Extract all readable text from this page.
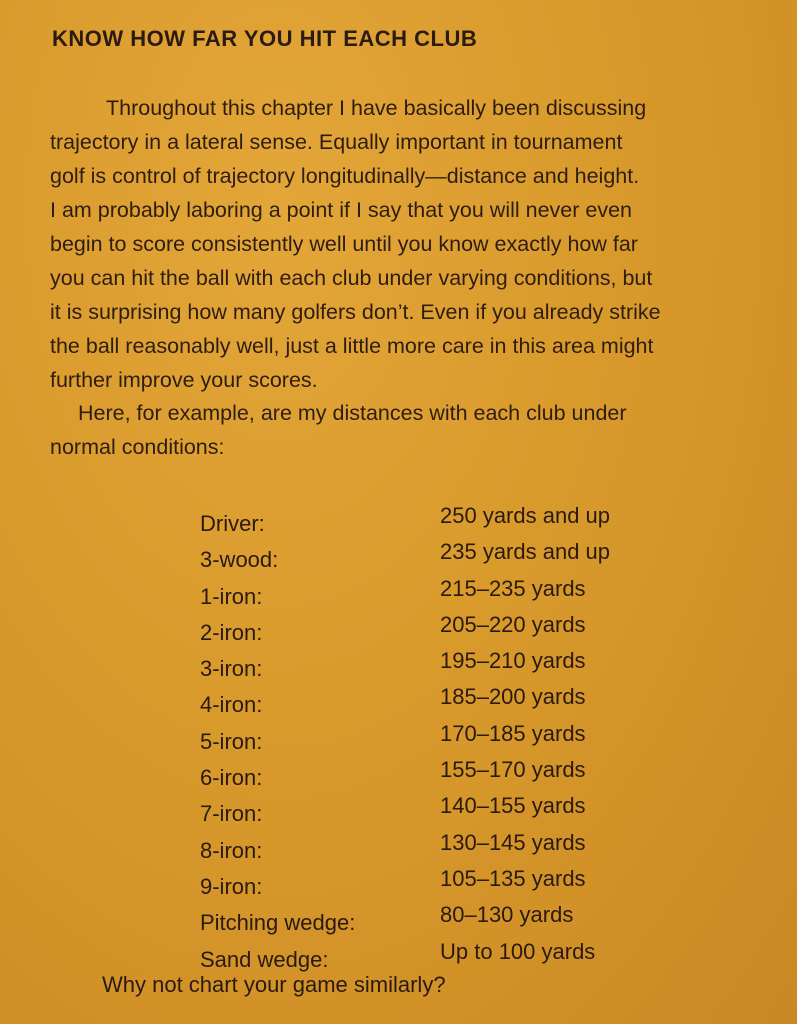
KNOW HOW FAR YOU HIT EACH CLUB
Throughout this chapter I have basically been discussing
trajectory in a lateral sense. Equally important in tournament
golf is control of trajectory longitudinally—distance and height.
I am probably laboring a point if I say that you will never even
begin to score consistently well until you know exactly how far
you can hit the ball with each club under varying conditions, but
it is surprising how many golfers don’t. Even if you already strike
the ball reasonably well, just a little more care in this area might
further improve your scores.
Here, for example, are my distances with each club under
normal conditions:
Driver:	250 yards and up
3-wood:	235 yards and up
1-iron:	215–235 yards
2-iron:	205–220 yards
3-iron:	195–210 yards
4-iron:	185–200 yards
5-iron:	170–185 yards
6-iron:	155–170 yards
7-iron:	140–155 yards
8-iron:	130–145 yards
9-iron:	105–135 yards
Pitching wedge:	80–130 yards
Sand wedge:	Up to 100 yards
Why not chart your game similarly?
